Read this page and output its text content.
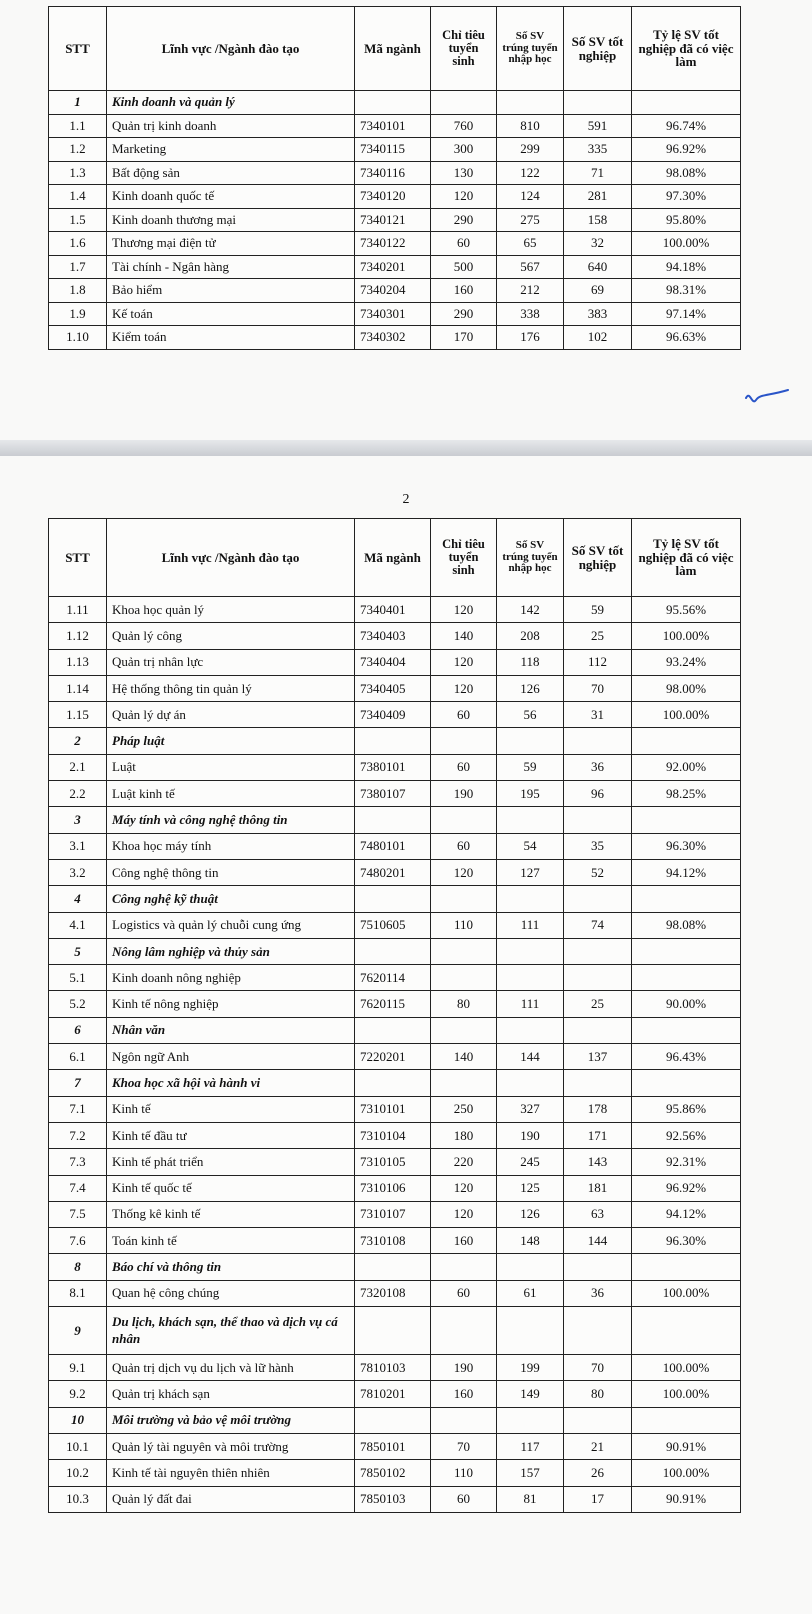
STT	Lĩnh vực /Ngành đào tạo	Mã ngành	Chỉ tiêu tuyển sinh	Số SV trúng tuyển nhập học	Số SV tốt nghiệp	Tỷ lệ SV tốt nghiệp đã có việc làm
1	Kinh doanh và quản lý					
1.1	Quản trị kinh doanh	7340101	760	810	591	96.74%
1.2	Marketing	7340115	300	299	335	96.92%
1.3	Bất động sản	7340116	130	122	71	98.08%
1.4	Kinh doanh quốc tế	7340120	120	124	281	97.30%
1.5	Kinh doanh thương mại	7340121	290	275	158	95.80%
1.6	Thương mại điện tử	7340122	60	65	32	100.00%
1.7	Tài chính - Ngân hàng	7340201	500	567	640	94.18%
1.8	Bảo hiểm	7340204	160	212	69	98.31%
1.9	Kế toán	7340301	290	338	383	97.14%
1.10	Kiểm toán	7340302	170	176	102	96.63%
2
STT	Lĩnh vực /Ngành đào tạo	Mã ngành	Chỉ tiêu tuyển sinh	Số SV trúng tuyển nhập học	Số SV tốt nghiệp	Tỷ lệ SV tốt nghiệp đã có việc làm
1.11	Khoa học quản lý	7340401	120	142	59	95.56%
1.12	Quản lý công	7340403	140	208	25	100.00%
1.13	Quản trị nhân lực	7340404	120	118	112	93.24%
1.14	Hệ thống thông tin quản lý	7340405	120	126	70	98.00%
1.15	Quản lý dự án	7340409	60	56	31	100.00%
2	Pháp luật					
2.1	Luật	7380101	60	59	36	92.00%
2.2	Luật kinh tế	7380107	190	195	96	98.25%
3	Máy tính và công nghệ thông tin					
3.1	Khoa học máy tính	7480101	60	54	35	96.30%
3.2	Công nghệ thông tin	7480201	120	127	52	94.12%
4	Công nghệ kỹ thuật					
4.1	Logistics và quản lý chuỗi cung ứng	7510605	110	111	74	98.08%
5	Nông lâm nghiệp và thủy sản					
5.1	Kinh doanh nông nghiệp	7620114				
5.2	Kinh tế nông nghiệp	7620115	80	111	25	90.00%
6	Nhân văn					
6.1	Ngôn ngữ Anh	7220201	140	144	137	96.43%
7	Khoa học xã hội và hành vi					
7.1	Kinh tế	7310101	250	327	178	95.86%
7.2	Kinh tế đầu tư	7310104	180	190	171	92.56%
7.3	Kinh tế phát triển	7310105	220	245	143	92.31%
7.4	Kinh tế quốc tế	7310106	120	125	181	96.92%
7.5	Thống kê kinh tế	7310107	120	126	63	94.12%
7.6	Toán kinh tế	7310108	160	148	144	96.30%
8	Báo chí và thông tin					
8.1	Quan hệ công chúng	7320108	60	61	36	100.00%
9	Du lịch, khách sạn, thể thao và dịch vụ cá nhân					
9.1	Quản trị dịch vụ du lịch và lữ hành	7810103	190	199	70	100.00%
9.2	Quản trị khách sạn	7810201	160	149	80	100.00%
10	Môi trường và bảo vệ môi trường					
10.1	Quản lý tài nguyên và môi trường	7850101	70	117	21	90.91%
10.2	Kinh tế tài nguyên thiên nhiên	7850102	110	157	26	100.00%
10.3	Quản lý đất đai	7850103	60	81	17	90.91%
